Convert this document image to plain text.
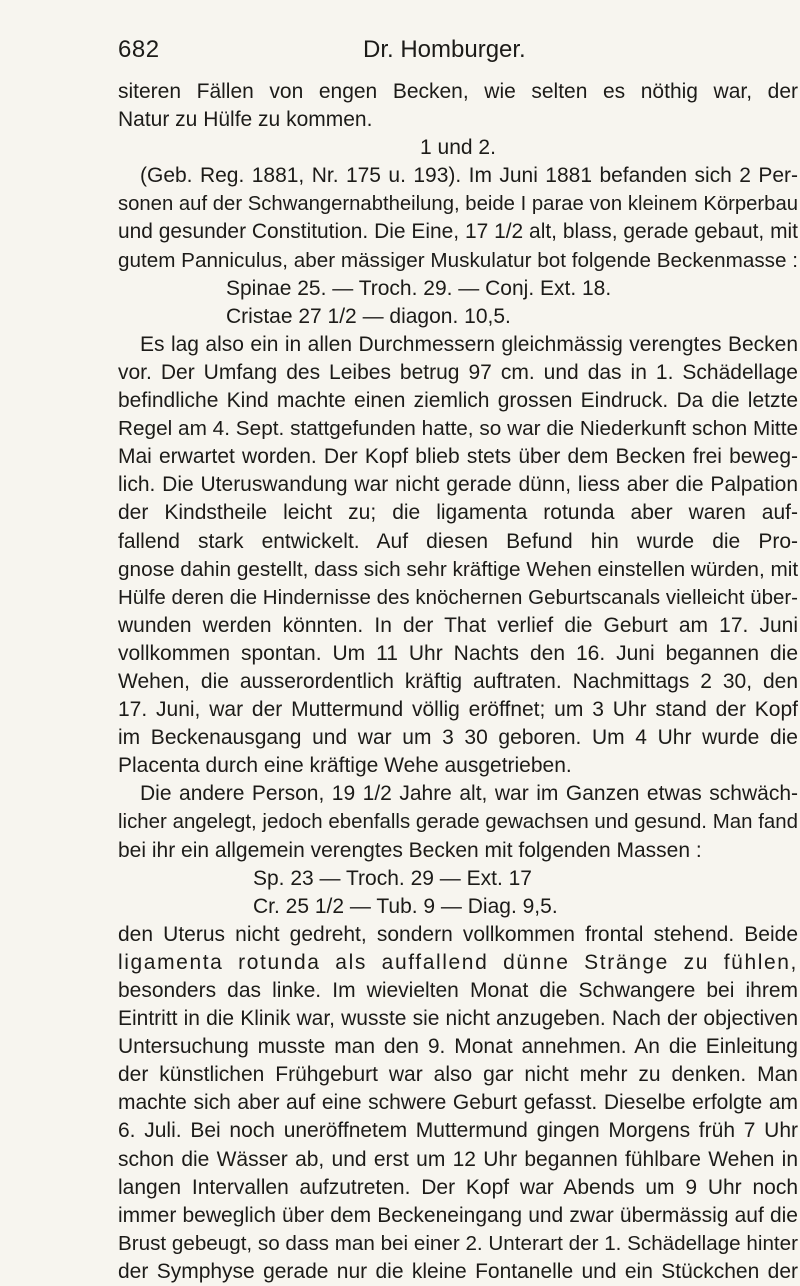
682	Dr. Homburger.
siteren Fällen von engen Becken, wie selten es nöthig war, der
Natur zu Hülfe zu kommen.
1 und 2.
(Geb. Reg. 1881, Nr. 175 u. 193). Im Juni 1881 befanden sich 2 Per-
sonen auf der Schwangernabtheilung, beide I parae von kleinem Körperbau
und gesunder Constitution. Die Eine, 17 1/2 alt, blass, gerade gebaut, mit
gutem Panniculus, aber mässiger Muskulatur bot folgende Beckenmasse :
Spinae 25. — Troch. 29. — Conj. Ext. 18.
Cristae 27 1/2 — diagon. 10,5.
Es lag also ein in allen Durchmessern gleichmässig verengtes Becken
vor. Der Umfang des Leibes betrug 97 cm. und das in 1. Schädellage
befindliche Kind machte einen ziemlich grossen Eindruck. Da die letzte
Regel am 4. Sept. stattgefunden hatte, so war die Niederkunft schon Mitte
Mai erwartet worden. Der Kopf blieb stets über dem Becken frei beweg-
lich. Die Uteruswandung war nicht gerade dünn, liess aber die Palpation
der Kindstheile leicht zu; die ligamenta rotunda aber waren auf-
fallend stark entwickelt. Auf diesen Befund hin wurde die Pro-
gnose dahin gestellt, dass sich sehr kräftige Wehen einstellen würden, mit
Hülfe deren die Hindernisse des knöchernen Geburtscanals vielleicht über-
wunden werden könnten. In der That verlief die Geburt am 17. Juni
vollkommen spontan. Um 11 Uhr Nachts den 16. Juni begannen die
Wehen, die ausserordentlich kräftig auftraten. Nachmittags 2 30, den
17. Juni, war der Muttermund völlig eröffnet; um 3 Uhr stand der Kopf
im Beckenausgang und war um 3 30 geboren. Um 4 Uhr wurde die
Placenta durch eine kräftige Wehe ausgetrieben.
Die andere Person, 19 1/2 Jahre alt, war im Ganzen etwas schwäch-
licher angelegt, jedoch ebenfalls gerade gewachsen und gesund. Man fand
bei ihr ein allgemein verengtes Becken mit folgenden Massen :
Sp. 23 — Troch. 29 — Ext. 17
Cr. 25 1/2 — Tub. 9 — Diag. 9,5.
den Uterus nicht gedreht, sondern vollkommen frontal stehend. Beide
ligamenta rotunda als auffallend dünne Stränge zu fühlen,
besonders das linke. Im wievielten Monat die Schwangere bei ihrem
Eintritt in die Klinik war, wusste sie nicht anzugeben. Nach der objectiven
Untersuchung musste man den 9. Monat annehmen. An die Einleitung
der künstlichen Frühgeburt war also gar nicht mehr zu denken. Man
machte sich aber auf eine schwere Geburt gefasst. Dieselbe erfolgte am
6. Juli. Bei noch uneröffnetem Muttermund gingen Morgens früh 7 Uhr
schon die Wässer ab, und erst um 12 Uhr begannen fühlbare Wehen in
langen Intervallen aufzutreten. Der Kopf war Abends um 9 Uhr noch
immer beweglich über dem Beckeneingang und zwar übermässig auf die
Brust gebeugt, so dass man bei einer 2. Unterart der 1. Schädellage hinter
der Symphyse gerade nur die kleine Fontanelle und ein Stückchen der
